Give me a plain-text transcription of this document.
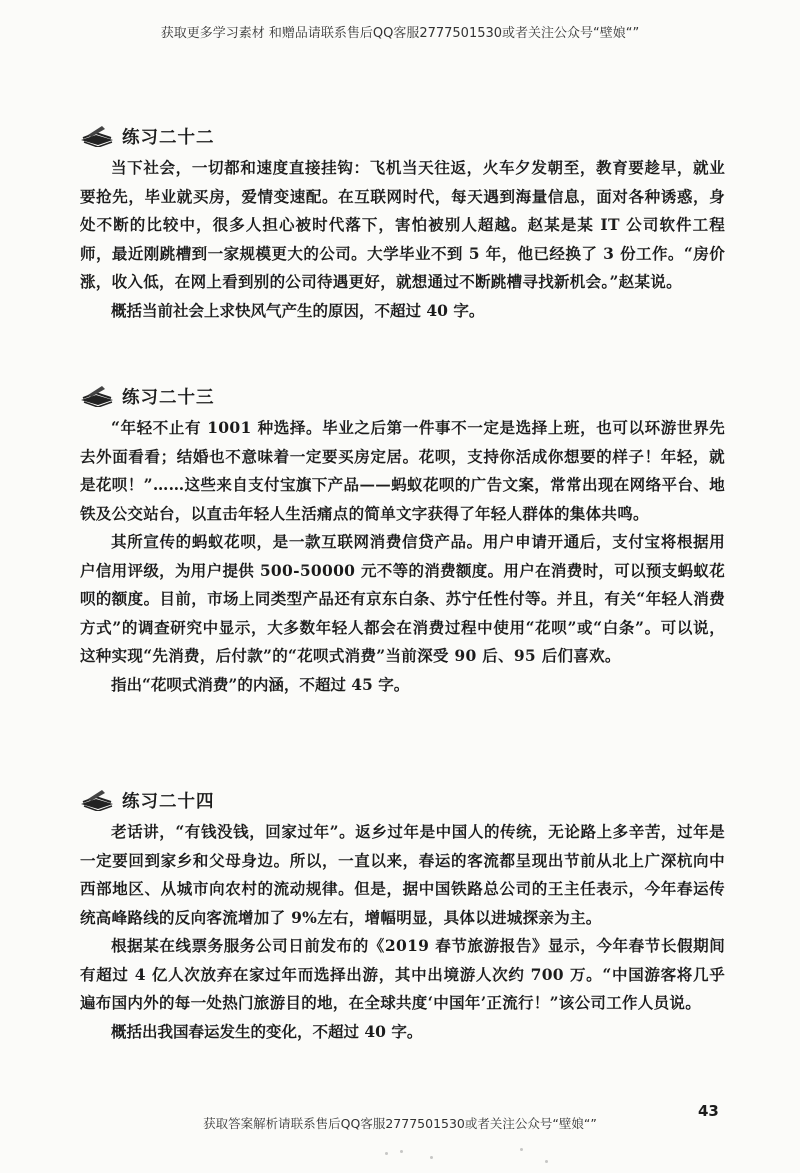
获取更多学习素材 和赠品请联系售后QQ客服2777501530或者关注公众号“壁娘“”
练习二十二

当下社会，一切都和速度直接挂钩：飞机当天往返，火车夕发朝至，教育要趁早，就业要抢先，毕业就买房，爱情变速配。在互联网时代，每天遇到海量信息，面对各种诱惑，身处不断的比较中，很多人担心被时代落下，害怕被别人超越。赵某是某 IT 公司软件工程师，最近刚跳槽到一家规模更大的公司。大学毕业不到 5 年，他已经换了 3 份工作。“房价涨，收入低，在网上看到别的公司待遇更好，就想通过不断跳槽寻找新机会。”赵某说。

概括当前社会上求快风气产生的原因，不超过 40 字。

练习二十三

“年轻不止有 1001 种选择。毕业之后第一件事不一定是选择上班，也可以环游世界先去外面看看；结婚也不意味着一定要买房定居。花呗，支持你活成你想要的样子！年轻，就是花呗！”……这些来自支付宝旗下产品——蚂蚁花呗的广告文案，常常出现在网络平台、地铁及公交站台，以直击年轻人生活痛点的简单文字获得了年轻人群体的集体共鸣。

其所宣传的蚂蚁花呗，是一款互联网消费信贷产品。用户申请开通后，支付宝将根据用户信用评级，为用户提供 500-50000 元不等的消费额度。用户在消费时，可以预支蚂蚁花呗的额度。目前，市场上同类型产品还有京东白条、苏宁任性付等。并且，有关“年轻人消费方式”的调查研究中显示，大多数年轻人都会在消费过程中使用“花呗”或“白条”。可以说，这种实现“先消费，后付款”的“花呗式消费”当前深受 90 后、95 后们喜欢。

指出“花呗式消费”的内涵，不超过 45 字。

练习二十四

老话讲，“有钱没钱，回家过年”。返乡过年是中国人的传统，无论路上多辛苦，过年是一定要回到家乡和父母身边。所以，一直以来，春运的客流都呈现出节前从北上广深杭向中西部地区、从城市向农村的流动规律。但是，据中国铁路总公司的王主任表示，今年春运传统高峰路线的反向客流增加了 9%左右，增幅明显，具体以进城探亲为主。

根据某在线票务服务公司日前发布的《2019 春节旅游报告》显示，今年春节长假期间有超过 4 亿人次放弃在家过年而选择出游，其中出境游人次约 700 万。“中国游客将几乎遍布国内外的每一处热门旅游目的地，在全球共度‘中国年’正流行！”该公司工作人员说。

概括出我国春运发生的变化，不超过 40 字。

43
获取答案解析请联系售后QQ客服2777501530或者关注公众号“壁娘“”
